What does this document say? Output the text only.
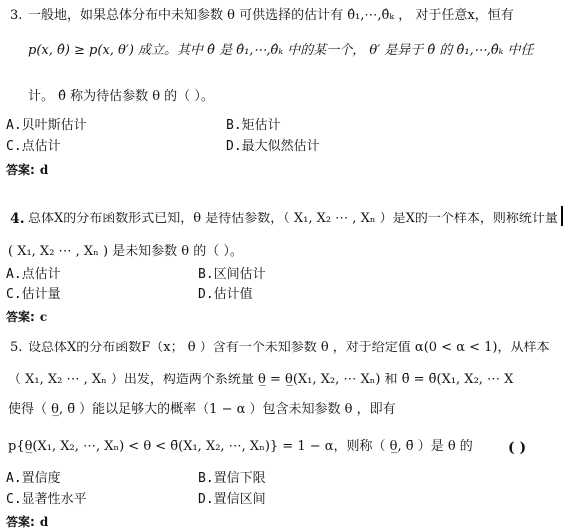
3. 一般地，如果总体分布中未知参数 θ 可供选择的估计有 θ̂₁,⋯,θ̂ₖ ， 对于任意x，恒有
p(x, θ̂) ≥ p(x, θ′) 成立。其中 θ̂ 是 θ̂₁,⋯,θ̂ₖ 中的某一个， θ′ 是异于 θ̂ 的 θ̂₁,⋯,θ̂ₖ 中任
计。 θ̂ 称为待估参数 θ 的（ ）。
A.贝叶斯估计	B.矩估计
C.点估计	D.最大似然估计
答案: d
4. 总体X的分布函数形式已知，θ 是待估参数，（ X₁, X₂ ⋯ , Xₙ ）是X的一个样本，则称统计量
( X₁, X₂ ⋯ , Xₙ ) 是未知参数 θ 的（ ）。
A.点估计	B.区间估计
C.估计量	D.估计值
答案: c
5. 设总体X的分布函数F（x； θ ）含有一个未知参数 θ ，对于给定值 α(0 < α < 1)，从样本
（ X₁, X₂ ⋯ , Xₙ ）出发，构造两个系统量 θ̲ = θ̲(X₁, X₂, ⋯ Xₙ) 和 θ̄ = θ̄(X₁, X₂, ⋯ X
使得（ θ̲, θ̄ ）能以足够大的概率（1 − α ）包含未知参数 θ ，即有
p{θ̲(X₁, X₂, ⋯, Xₙ) < θ < θ̄(X₁, X₂, ⋯, Xₙ)} = 1 − α，则称（ θ̲, θ̄ ）是 θ 的	( )
A.置信度	B.置信下限
C.显著性水平	D.置信区间
答案: d
